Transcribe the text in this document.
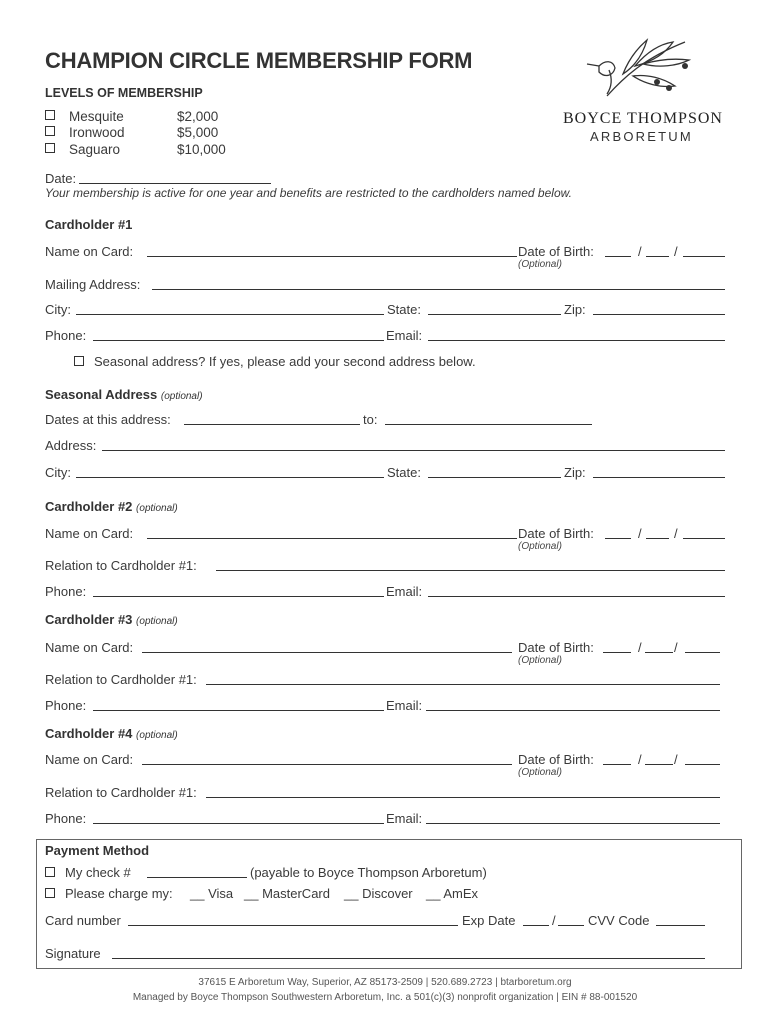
CHAMPION CIRCLE MEMBERSHIP FORM
LEVELS OF MEMBERSHIP
Mesquite	$2,000
Ironwood	$5,000
Saguaro	$10,000
BOYCE THOMPSON
ARBORETUM
Date:
Your membership is active for one year and benefits are restricted to the cardholders named below.
Cardholder #1
Name on Card:	Date of Birth:	/ /
(Optional)
Mailing Address:
City:	State:	Zip:
Phone:	Email:
Seasonal address? If yes, please add your second address below.
Seasonal Address (optional)
Dates at this address:	to:
Address:
City:	State:	Zip:
Cardholder #2 (optional)
Name on Card:	Date of Birth:	/ /
(Optional)
Relation to Cardholder #1:
Phone:	Email:
Cardholder #3 (optional)
Name on Card:	Date of Birth:	/ /
(Optional)
Relation to Cardholder #1:
Phone:	Email:
Cardholder #4 (optional)
Name on Card:	Date of Birth:	/ /
(Optional)
Relation to Cardholder #1:
Phone:	Email:
Payment Method
My check #	(payable to Boyce Thompson Arboretum)
Please charge my: __ Visa __ MasterCard __ Discover __ AmEx
Card number	Exp Date	/ CVV Code
Signature
37615 E Arboretum Way, Superior, AZ 85173-2509 | 520.689.2723 | btarboretum.org
Managed by Boyce Thompson Southwestern Arboretum, Inc. a 501(c)(3) nonprofit organization | EIN # 88-001520
